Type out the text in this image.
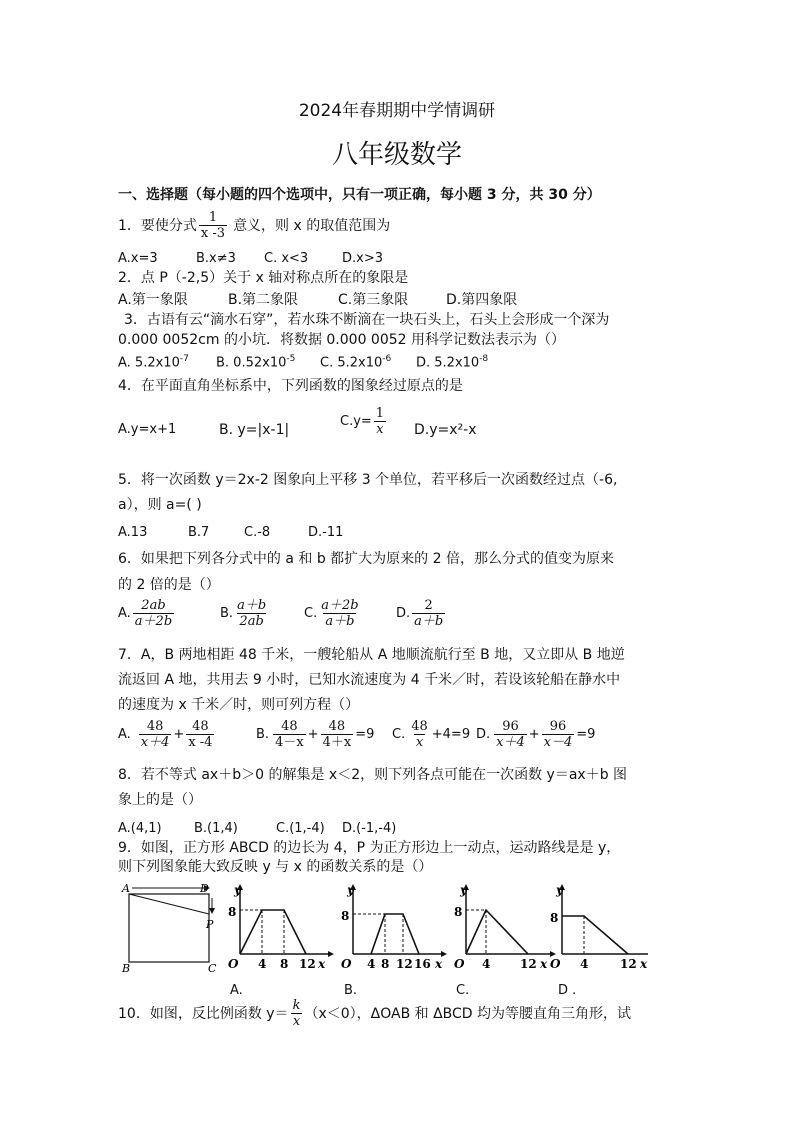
2024年春期期中学情调研
八年级数学
一、选择题（每小题的四个选项中，只有一项正确，每小题 3 分，共 30 分）
1．要使分式 $\frac{1}{x -3}$ 意义，则 x 的取值范围为
A.x=3	B.x≠3 C. x<3	D.x>3
2．点 P（-2,5）关于 x 轴对称点所在的象限是
A.第一象限	B.第二象限	C.第三象限	D.第四象限
3．古语有云“滴水石穿”，若水珠不断滴在一块石头上，石头上会形成一个深为
0.000 0052cm 的小坑．将数据 0.000 0052 用科学记数法表示为（）
A. $5.2x10^{-7}$ B. $0.52x10^{-5}$ C. $5.2x10^{-6}$ D. $5.2x10^{-8}$
4．在平面直角坐标系中，下列函数的图象经过原点的是
A.y=x+1	B. y=|x-1|
$C.y= \frac{1}{x} D.y=x^2-x$
5．将一次函数 y＝2x-2 图象向上平移 3 个单位，若平移后一次函数经过点（-6,
a），则 a=( )
A.13	B.7	C.-8	D.-11
6．如果把下列各分式中的 a 和 b 都扩大为原来的 2 倍，那么分式的值变为原来
的 2 倍的是（）
A. $\frac{2ab}{a+2b}$	B. $\frac{a+b}{2ab}$	C. $\frac{a+2b}{a+b}$	D. $\frac{2}{a+b}$
7．A，B 两地相距 48 千米，一艘轮船从 A 地顺流航行至 B 地，又立即从 B 地逆
流返回 A 地，共用去 9 小时，已知水流速度为 4 千米／时，若设该轮船在静水中
的速度为 x 千米／时，则可列方程（）
A. $\frac{48}{x+4} + \frac{48}{x -4}$	B. $\frac{48}{4-x} + \frac{48}{4+x} =9$ C. $\frac{48}{x} +4=9$ D. $\frac{96}{x+4} + \frac{96}{x-4} =9$
8．若不等式 ax＋b＞0 的解集是 x＜2，则下列各点可能在一次函数 y＝ax＋b 图
象上的是（）
A.(4,1) B.(1,4)	C.(1,-4) D.(-1,-4)
9．如图，正方形 ABCD 的边长为 4，P 为正方形边上一动点，运动路线是是 y，
则下列图象能大致反映 y 与 x 的函数关系的是（）
A	D
P
B	C
8
y
O 4 8 12 x
8
y
O 4 8 12 16 x
8
y
O 4 12 x
8
y
O 4	12 x
A.	B.	C.	D .
10．如图，反比例函数 $y= \frac{k}{x} (x<0)$，ΔOAB 和 ΔBCD 均为等腰直角三角形，试
